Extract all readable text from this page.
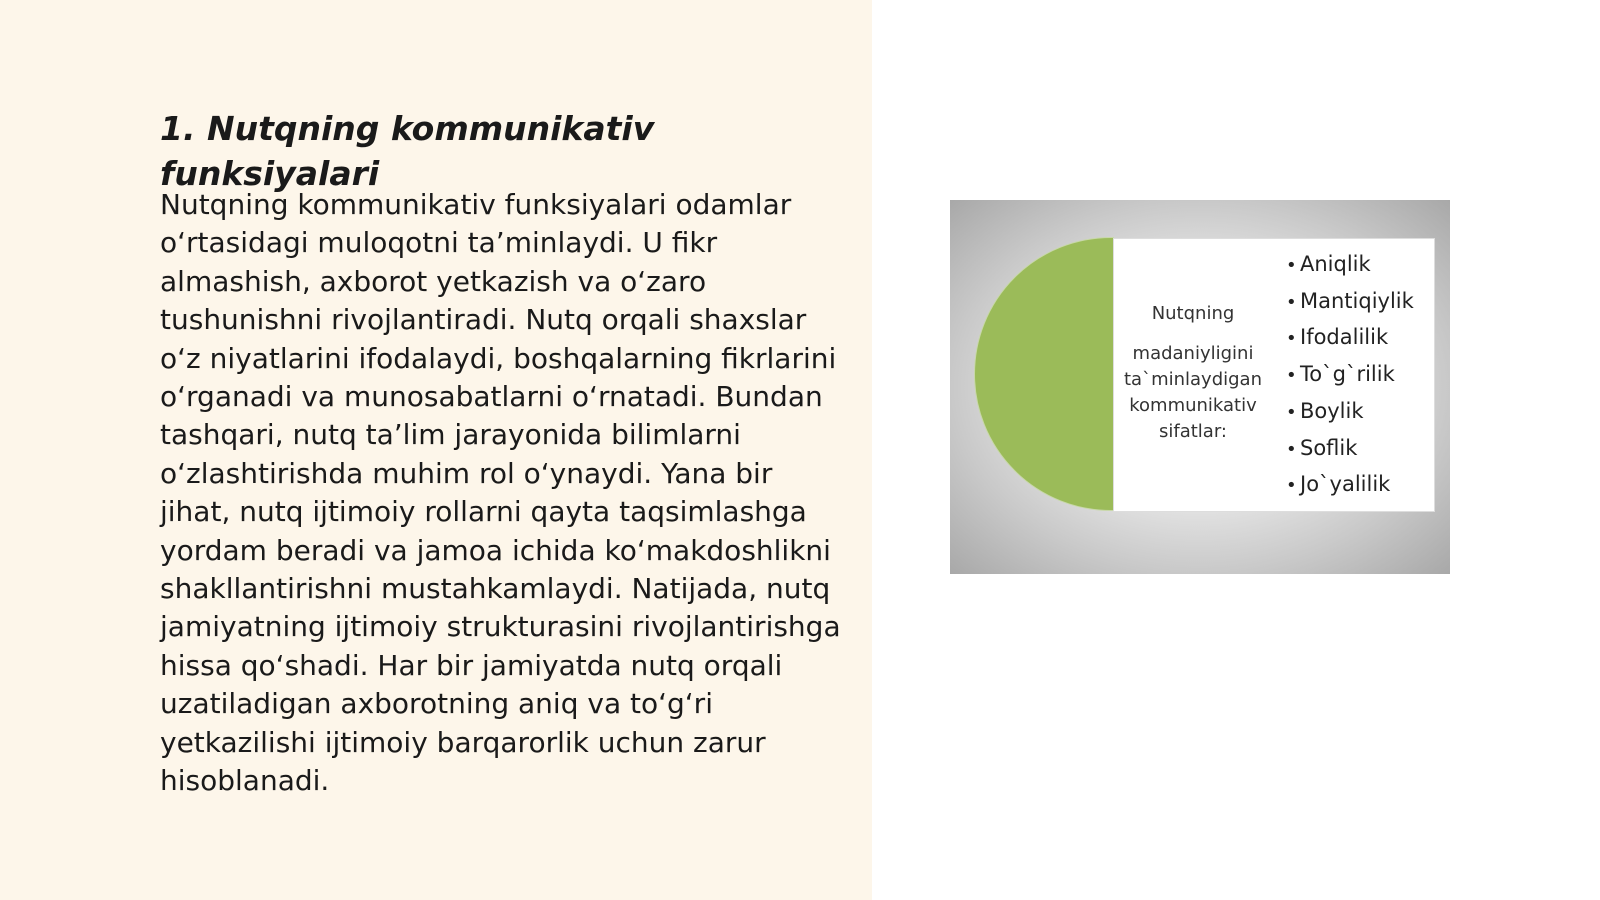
1. Nutqning kommunikativ funksiyalari

Nutqning kommunikativ funksiyalari odamlar o‘rtasidagi muloqotni ta’minlaydi. U fikr almashish, axborot yetkazish va o‘zaro tushunishni rivojlantiradi. Nutq orqali shaxslar o‘z niyatlarini ifodalaydi, boshqalarning fikrlarini o‘rganadi va munosabatlarni o‘rnatadi. Bundan tashqari, nutq ta’lim jarayonida bilimlarni o‘zlashtirishda muhim rol o‘ynaydi. Yana bir jihat, nutq ijtimoiy rollarni qayta taqsimlashga yordam beradi va jamoa ichida ko‘makdoshlikni shakllantirishni mustahkamlaydi. Natijada, nutq jamiyatning ijtimoiy strukturasini rivojlantirishga hissa qo‘shadi. Har bir jamiyatda nutq orqali uzatiladigan axborotning aniq va to‘g‘ri yetkazilishi ijtimoiy barqarorlik uchun zarur hisoblanadi.

Nutqning
madaniyligini
ta`minlaydigan
kommunikativ
sifatlar:

• Aniqlik
• Mantiqiylik
• Ifodalilik
• To`g`rilik
• Boylik
• Soflik
• Jo`yalilik
